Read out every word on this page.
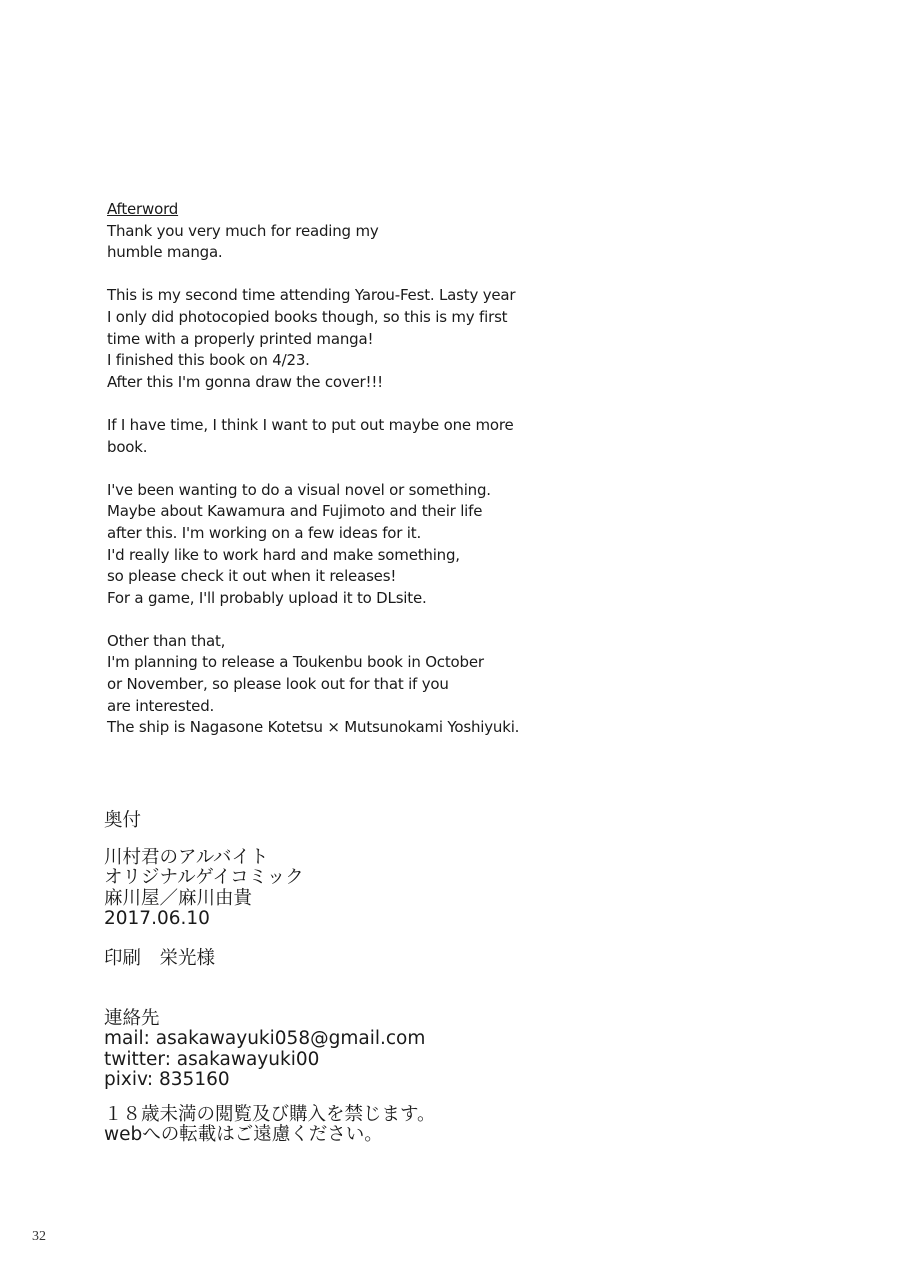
Afterword
Thank you very much for reading my
humble manga.
This is my second time attending Yarou-Fest. Lasty year
I only did photocopied books though, so this is my first
time with a properly printed manga!
I finished this book on 4/23.
After this I'm gonna draw the cover!!!
If I have time, I think I want to put out maybe one more
book.
I've been wanting to do a visual novel or something.
Maybe about Kawamura and Fujimoto and their life
after this. I'm working on a few ideas for it.
I'd really like to work hard and make something,
so please check it out when it releases!
For a game, I'll probably upload it to DLsite.
Other than that,
I'm planning to release a Toukenbu book in October
or November, so please look out for that if you
are interested.
The ship is Nagasone Kotetsu × Mutsunokami Yoshiyuki.
奥付
川村君のアルバイト
オリジナルゲイコミック
麻川屋／麻川由貴
2017.06.10
印刷　栄光様
連絡先
mail: asakawayuki058@gmail.com
twitter: asakawayuki00
pixiv: 835160
１８歳未満の閲覧及び購入を禁じます。
webへの転載はご遠慮ください。
32
